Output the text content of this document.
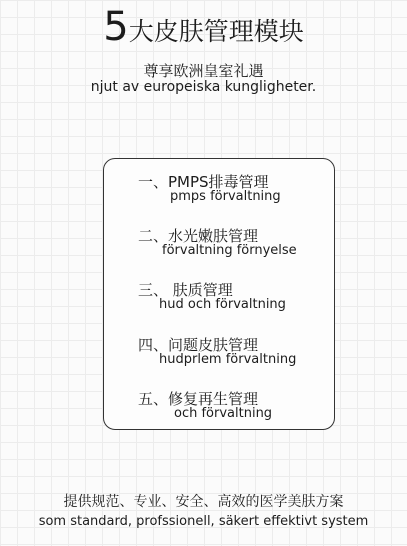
5大皮肤管理模块
尊享欧洲皇室礼遇
njut av europeiska kungligheter.
一、PMPS排毒管理
pmps förvaltning
二、水光嫩肤管理
förvaltning förnyelse
三、 肤质管理
hud och förvaltning
四、问题皮肤管理
hudprlem förvaltning
五、修复再生管理
och förvaltning
提供规范、专业、安全、高效的医学美肤方案
som standard, profssionell, säkert effektivt system
